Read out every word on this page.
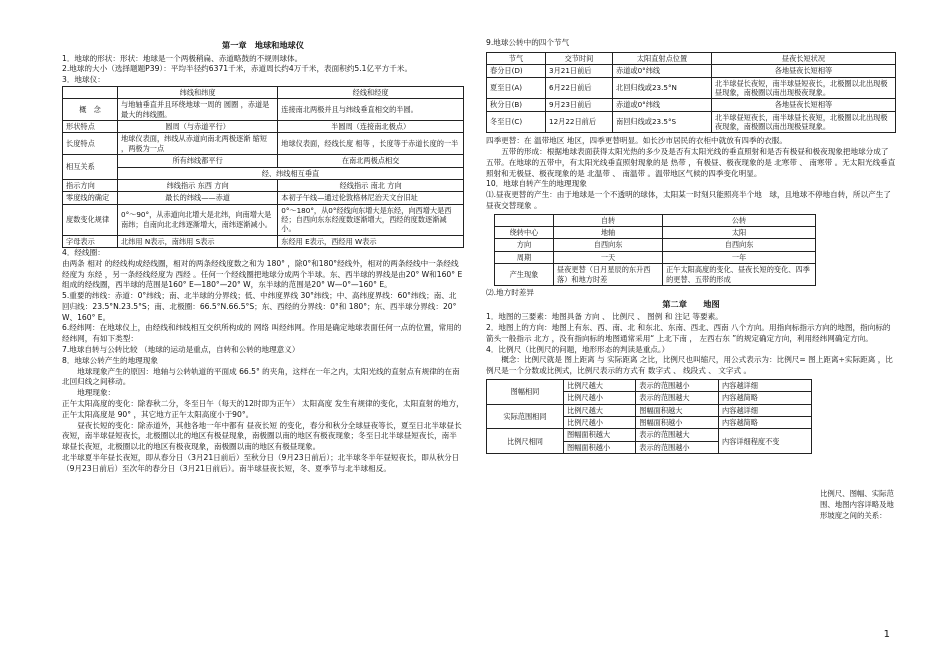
第一章　地球和地球仪

1．地球的形状：形状：地球是一个两极稍扁、赤道略鼓的不规则球体。

2.地球的大小（选择题题P39）：平均半径约6371千米，赤道周长约4万千米，表面积约5.1亿平方千米。

3．地球仪：

	纬线和纬度	经线和经度
概　念	与地轴垂直并且环绕地球一周的 圆圈 ，赤道是最大的纬线圈。	连接南北两极并且与纬线垂直相交的半圆。
形状特点	圆周（与赤道平行）	半圆周（连接南北极点）
长度特点	地球仪表面，纬线从赤道向南北两极逐渐 缩短 ，两极为一点	地球仪表面，经线长度 相等 ，长度等于赤道长度的一半
相互关系	所有纬线都平行	在南北两极点相交
	经、纬线相互垂直	
指示方向	纬线指示 东西 方向	经线指示 南北 方向
零度线的确定	最长的纬线——赤道	本初子午线—通过伦敦格林尼治天文台旧址
度数变化规律	0°～90°，从赤道向北增大是北纬，向南增大是南纬；自南向北北纬逐渐增大，南纬逐渐减小。	0°～180°，从0°经线向东增大是东经，向西增大是西经；自西向东东经度数逐渐增大，西经的度数逐渐减小。
字母表示	北纬用 N表示，南纬用 S表示	东经用 E表示，西经用 W表示

4．经线圈：

由两条 相对 的经线构成经线圈，相对的两条经线度数之和为 180° ，除0°和180°经线外，相对的两条经线中一条经线经度为 东经 ，另一条经线经度为 西经 。任何一个经线圈把地球分成两个半球。东、西半球的界线是由20° W和160° E组成的经线圈，西半球的范围是160° E—180°—20° W，东半球的范围是20° W—0°—160° E。

5.重要的纬线：赤道：0°纬线；南、北半球的分界线；低、中纬度界线 30°纬线；中、高纬度界线：60°纬线；南、北回归线：23.5°N.23.5°S；南、北极圈：66.5°N.66.5°S；东、西经的分界线：0°和 180°；东、西半球分界线：20° W、160° E。

6.经纬网：在地球仪上，由经线和纬线相互交织所构成的 网络 叫经纬网。作用是确定地球表面任何一点的位置，常用的经纬网，有如下类型：

7.地球自转与公转比较 （地球的运动是重点，自转和公转的地理意义）

8．地球公转产生的地理现象

地球现象产生的原因：地轴与公转轨道的平面成 66.5° 的夹角，这样在一年之内，太阳光线的直射点有规律的在南北回归线之间移动。

地理现象：

正午太阳高度的变化：除春秋二分，冬至日午（每天的12时即为正午） 太阳高度 发生有规律的变化，太阳直射的地方，正午太阳高度是 90° ，其它地方正午太阳高度小于90°。

昼夜长短的变化：除赤道外，其他各地一年中都有 昼夜长短 的变化，春分和秋分全球昼夜等长，夏至日北半球昼长夜短，南半球昼短夜长，北极圈以北的地区有极昼现象，南极圈以南的地区有极夜现象；冬至日北半球昼短夜长，南半球昼长夜短，北极圈以北的地区有极夜现象，南极圈以南的地区有极昼现象。

北半球夏半年昼长夜短，即从春分日（3月21日前后）至秋分日（9月23日前后）；北半球冬半年昼短夜长，即从秋分日（9月23日前后）至次年的春分日（3月21日前后）。南半球昼夜长短，冬、夏季节与北半球相反。

9.地球公转中的四个节气

节气	交节时间	太阳直射点位置	昼夜长短状况
春分日(D)	3月21日前后	赤道或0°纬线	各地昼夜长短相等
夏至日(A)	6月22日前后	北回归线或23.5°N	北半球昼长夜短，南半球昼短夜长，北极圈以北出现极昼现象，南极圈以南出现极夜现象。
秋分日(B)	9月23日前后	赤道或0°纬线	各地昼夜长短相等
冬至日(C)	12月22日前后	南回归线或23.5°S	北半球昼短夜长，南半球昼长夜短，北极圈以北出现极夜现象，南极圈以南出现极昼现象。

四季更替：在 温带地区 地区，四季更替明显。如长沙市居民的衣柜中就放有四季的衣服。

五带的形成：根据地球表面获得太阳光热的多少及是否有太阳光线的垂直照射和是否有极昼和极夜现象把地球分成了五带。在地球的五带中，有太阳光线垂直照射现象的是 热带 ，有极昼、极夜现象的是 北寒带 、 南寒带 。无太阳光线垂直照射和无极昼、极夜现象的是 北温带 、 南温带 。温带地区气候的四季变化明显。

10．地球自转产生的地理现象

⑴.昼夜更替的产生：由于地球是一个不透明的球体，太阳某一时刻只能照亮半个地　球，且地球不停地自转，所以产生了 昼夜交替现象 。

	自转	公转
绕转中心	地轴	太阳
方向	自西向东	自西向东
周期	一天	一年
产生现象	昼夜更替（日月星辰的东升西落）和地方时差	正午太阳高度的变化、昼夜长短的变化、四季的更替、五带的形成

⑵.地方时差异

第二章　　地图

1．地图的三要素：地图具备 方向 、 比例尺 、 图例 和 注记 等要素。

2．地图上的方向：地图上有东、西、南、北 和东北、东南、西北、西南 八个方向。用指向标指示方向的地图，指向标的箭头一般指示 北方 ，没有指向标的地图通常采用“ 上北下南 ， 左西右东 ”的规定确定方向，利用经纬网确定方向。

4．比例尺（比例尺的问题，地形形态的判读是重点。）

概念：比例尺就是 图上距离 与 实际距离 之比，比例尺也叫缩尺，用公式表示为：比例尺= 图上距离÷实际距离 ，比例尺是一个分数或比例式，比例尺表示的方式有 数字式 、 线段式 、 文字式 。

图幅相同	比例尺越大	表示的范围越小	内容越详细
	比例尺越小	表示的范围越大	内容越简略
实际范围相同	比例尺越大	图幅面积越大	内容越详细
	比例尺越小	图幅面积越小	内容越简略
比例尺相同	图幅面积越大	表示的范围越大	内容详细程度不变
	图幅面积越小	表示的范围越小	
比例尺、图幅、实际范围、地图内容详略及地形坡度之间的关系：
1
